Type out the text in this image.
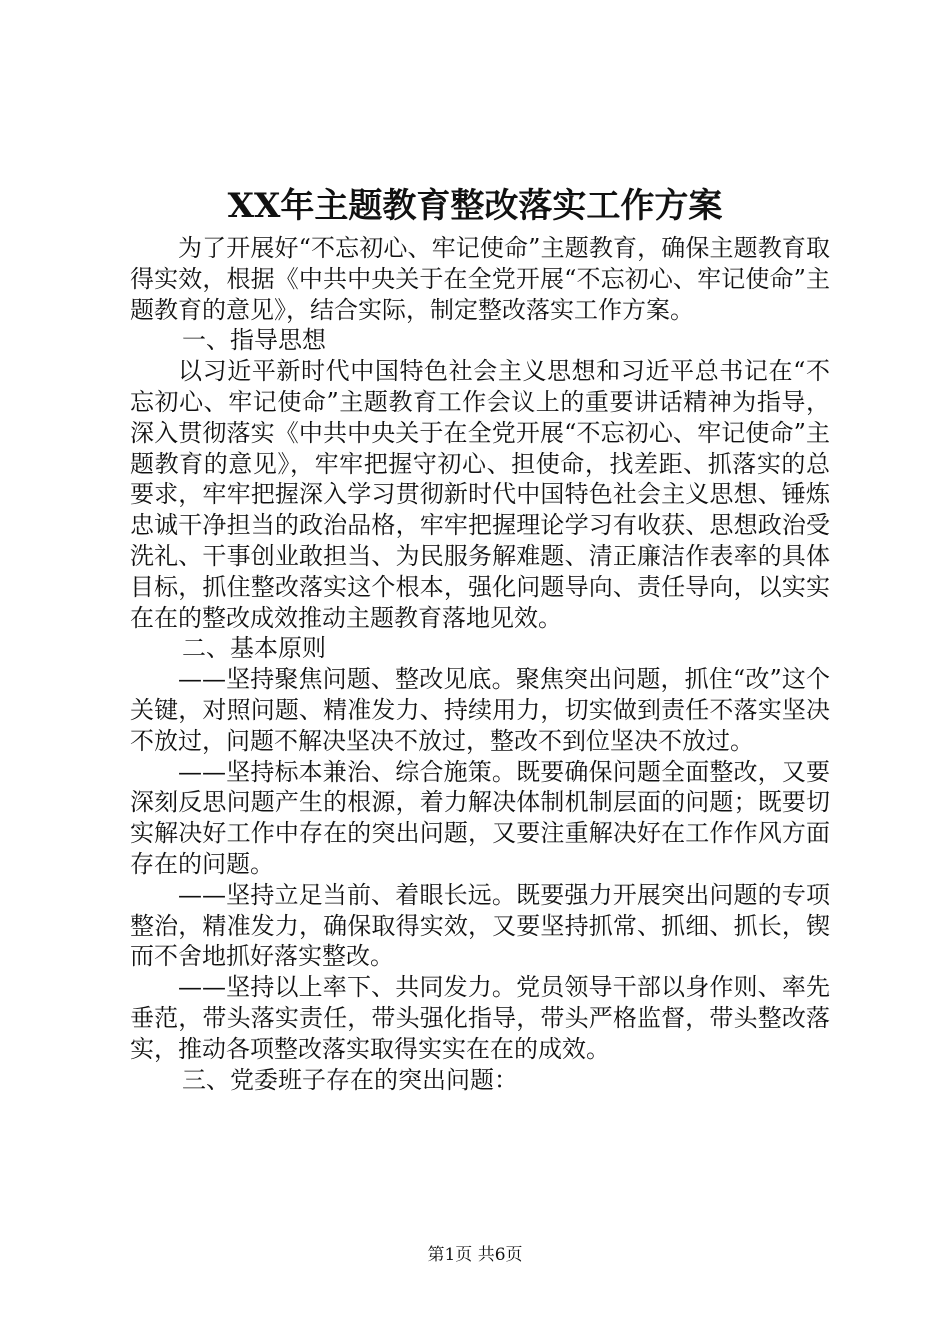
XX年主题教育整改落实工作方案

为了开展好“不忘初心、牢记使命”主题教育，确保主题教育取得实效，根据《中共中央关于在全党开展“不忘初心、牢记使命”主题教育的意见》，结合实际，制定整改落实工作方案。

一、指导思想

以习近平新时代中国特色社会主义思想和习近平总书记在“不忘初心、牢记使命”主题教育工作会议上的重要讲话精神为指导，深入贯彻落实《中共中央关于在全党开展“不忘初心、牢记使命”主题教育的意见》，牢牢把握守初心、担使命，找差距、抓落实的总要求，牢牢把握深入学习贯彻新时代中国特色社会主义思想、锤炼忠诚干净担当的政治品格，牢牢把握理论学习有收获、思想政治受洗礼、干事创业敢担当、为民服务解难题、清正廉洁作表率的具体目标，抓住整改落实这个根本，强化问题导向、责任导向，以实实在在的整改成效推动主题教育落地见效。

二、基本原则

——坚持聚焦问题、整改见底。聚焦突出问题，抓住“改”这个关键，对照问题、精准发力、持续用力，切实做到责任不落实坚决不放过，问题不解决坚决不放过，整改不到位坚决不放过。

——坚持标本兼治、综合施策。既要确保问题全面整改，又要深刻反思问题产生的根源，着力解决体制机制层面的问题；既要切实解决好工作中存在的突出问题，又要注重解决好在工作作风方面存在的问题。

——坚持立足当前、着眼长远。既要强力开展突出问题的专项整治，精准发力，确保取得实效，又要坚持抓常、抓细、抓长，锲而不舍地抓好落实整改。

——坚持以上率下、共同发力。党员领导干部以身作则、率先垂范，带头落实责任，带头强化指导，带头严格监督，带头整改落实，推动各项整改落实取得实实在在的成效。

三、党委班子存在的突出问题：

第1页 共6页
